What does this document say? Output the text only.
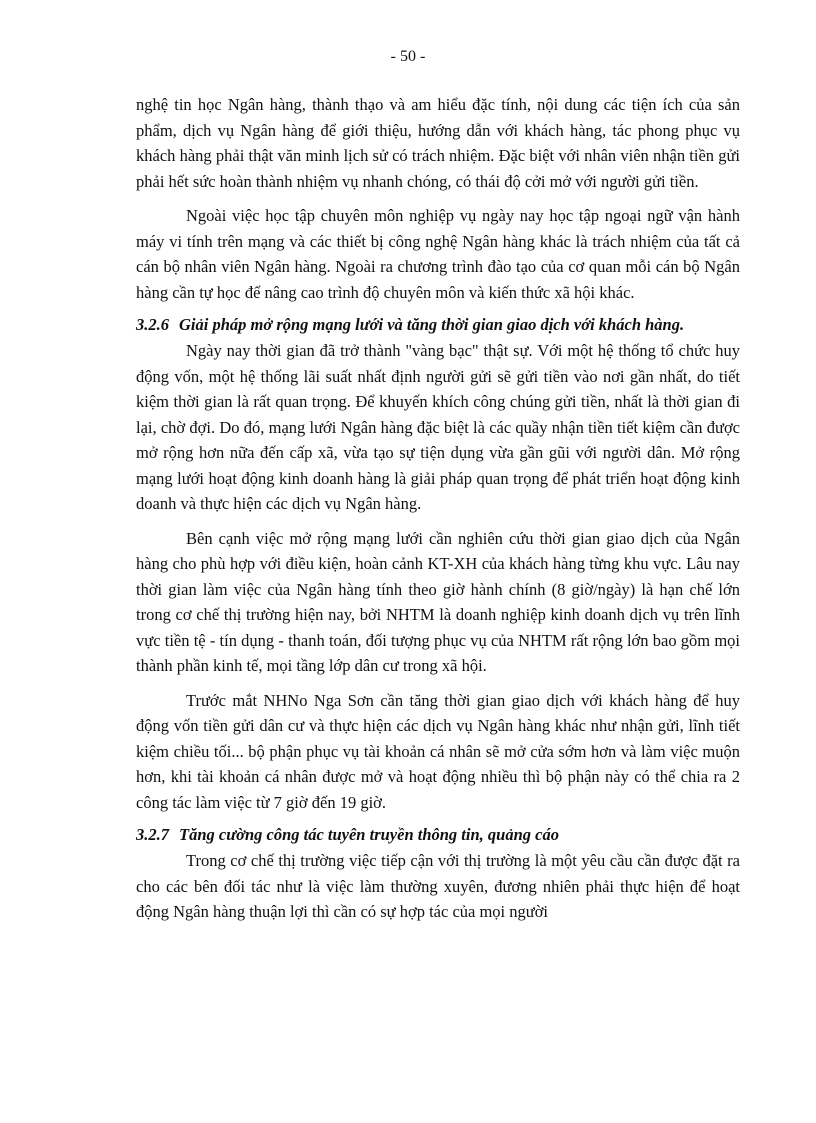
- 50 -

nghệ tin học Ngân hàng, thành thạo và am hiểu đặc tính, nội dung các tiện ích của sản phẩm, dịch vụ Ngân hàng để giới thiệu, hướng dẫn với khách hàng, tác phong phục vụ khách hàng phải thật văn minh lịch sử có trách nhiệm. Đặc biệt với nhân viên nhận tiền gửi phải hết sức hoàn thành nhiệm vụ nhanh chóng, có thái độ cởi mở với người gửi tiền.

Ngoài việc học tập chuyên môn nghiệp vụ ngày nay học tập ngoại ngữ vận hành máy vi tính trên mạng và các thiết bị công nghệ Ngân hàng khác là trách nhiệm của tất cả cán bộ nhân viên Ngân hàng. Ngoài ra chương trình đào tạo của cơ quan mỗi cán bộ Ngân hàng cần tự học để nâng cao trình độ chuyên môn và kiến thức xã hội khác.

3.2.6 Giải pháp mở rộng mạng lưới và tăng thời gian giao dịch với khách hàng.

Ngày nay thời gian đã trở thành "vàng bạc" thật sự. Với một hệ thống tổ chức huy động vốn, một hệ thống lãi suất nhất định người gửi sẽ gửi tiền vào nơi gần nhất, do tiết kiệm thời gian là rất quan trọng. Để khuyến khích công chúng gửi tiền, nhất là thời gian đi lại, chờ đợi. Do đó, mạng lưới Ngân hàng đặc biệt là các quầy nhận tiền tiết kiệm cần được mở rộng hơn nữa đến cấp xã, vừa tạo sự tiện dụng vừa gần gũi với người dân. Mở rộng mạng lưới hoạt động kinh doanh hàng là giải pháp quan trọng để phát triển hoạt động kinh doanh và thực hiện các dịch vụ Ngân hàng.

Bên cạnh việc mở rộng mạng lưới cần nghiên cứu thời gian giao dịch của Ngân hàng cho phù hợp với điều kiện, hoàn cảnh KT-XH của khách hàng từng khu vực. Lâu nay thời gian làm việc của Ngân hàng tính theo giờ hành chính (8 giờ/ngày) là hạn chế lớn trong cơ chế thị trường hiện nay, bởi NHTM là doanh nghiệp kinh doanh dịch vụ trên lĩnh vực tiền tệ - tín dụng - thanh toán, đối tượng phục vụ của NHTM rất rộng lớn bao gồm mọi thành phần kinh tế, mọi tầng lớp dân cư trong xã hội.

Trước mắt NHNo Nga Sơn cần tăng thời gian giao dịch với khách hàng để huy động vốn tiền gửi dân cư và thực hiện các dịch vụ Ngân hàng khác như nhận gửi, lĩnh tiết kiệm chiều tối... bộ phận phục vụ tài khoản cá nhân sẽ mở cửa sớm hơn và làm việc muộn hơn, khi tài khoản cá nhân được mở và hoạt động nhiều thì bộ phận này có thể chia ra 2 công tác làm việc từ 7 giờ đến 19 giờ.

3.2.7 Tăng cường công tác tuyên truyền thông tin, quảng cáo

Trong cơ chế thị trường việc tiếp cận với thị trường là một yêu cầu cần được đặt ra cho các bên đối tác như là việc làm thường xuyên, đương nhiên phải thực hiện để hoạt động Ngân hàng thuận lợi thì cần có sự hợp tác của mọi người
